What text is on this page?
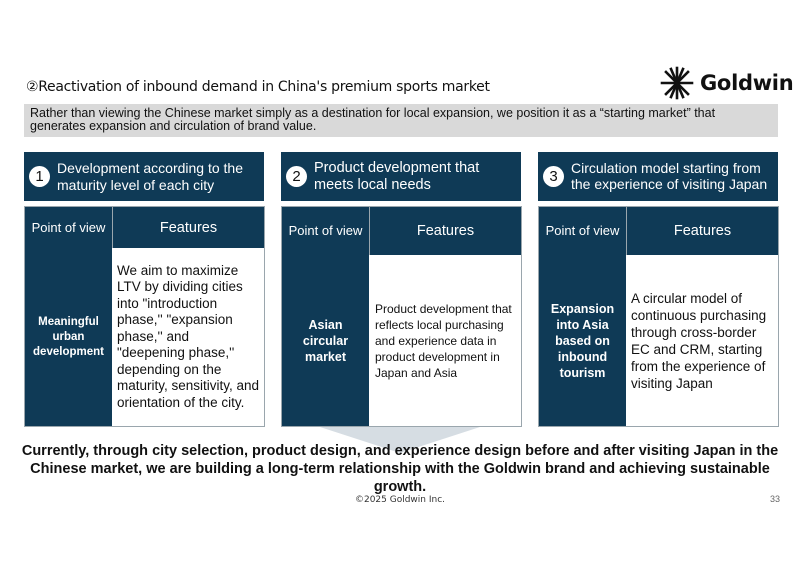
②Reactivation of inbound demand in China's premium sports market	Goldwin
Rather than viewing the Chinese market simply as a destination for local expansion, we position it as a “starting market” that generates expansion and circulation of brand value.
1
Development according to the maturity level of each city
Point of view	Features
Meaningful urban development
We aim to maximize LTV by dividing cities into "introduction phase,'' "expansion phase,'' and "deepening phase,'' depending on the maturity, sensitivity, and orientation of the city.
2
Product development that meets local needs
Point of view	Features
Asian circular market
Product development that reflects local purchasing and experience data in product development in Japan and Asia
3 Circulation model starting from the experience of visiting Japan
Point of view	Features
Expansion into Asia based on inbound tourism
A circular model of continuous purchasing through cross-border EC and CRM, starting from the experience of visiting Japan
Currently, through city selection, product design, and experience design before and after visiting Japan in the Chinese market, we are building a long-term relationship with the Goldwin brand and achieving sustainable growth.
©2025 Goldwin Inc.	33
